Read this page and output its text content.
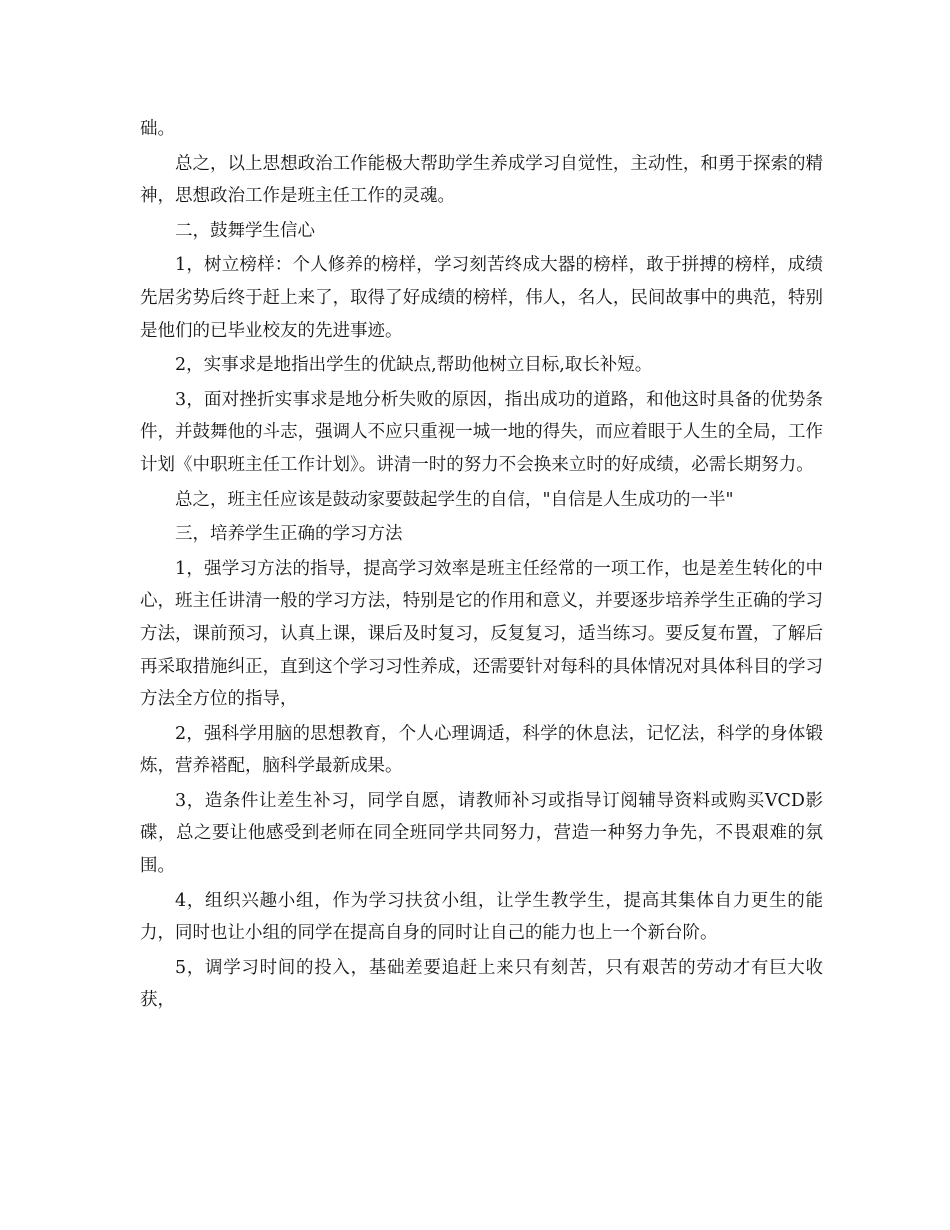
础。

总之，以上思想政治工作能极大帮助学生养成学习自觉性，主动性，和勇于探索的精神，思想政治工作是班主任工作的灵魂。

二，鼓舞学生信心

1，树立榜样：个人修养的榜样，学习刻苦终成大器的榜样，敢于拼搏的榜样，成绩先居劣势后终于赶上来了，取得了好成绩的榜样，伟人，名人，民间故事中的典范，特别是他们的已毕业校友的先进事迹。

2，实事求是地指出学生的优缺点,帮助他树立目标,取长补短。

3，面对挫折实事求是地分析失败的原因，指出成功的道路，和他这时具备的优势条件，并鼓舞他的斗志，强调人不应只重视一城一地的得失，而应着眼于人生的全局，工作计划《中职班主任工作计划》。讲清一时的努力不会换来立时的好成绩，必需长期努力。

总之，班主任应该是鼓动家要鼓起学生的自信，"自信是人生成功的一半"

三，培养学生正确的学习方法

1，强学习方法的指导，提高学习效率是班主任经常的一项工作，也是差生转化的中心，班主任讲清一般的学习方法，特别是它的作用和意义，并要逐步培养学生正确的学习方法，课前预习，认真上课，课后及时复习，反复复习，适当练习。要反复布置，了解后再采取措施纠正，直到这个学习习性养成，还需要针对每科的具体情况对具体科目的学习方法全方位的指导，

2，强科学用脑的思想教育，个人心理调适，科学的休息法，记忆法，科学的身体锻炼，营养褡配，脑科学最新成果。

3，造条件让差生补习，同学自愿，请教师补习或指导订阅辅导资料或购买VCD影碟，总之要让他感受到老师在同全班同学共同努力，营造一种努力争先，不畏艰难的氛围。

4，组织兴趣小组，作为学习扶贫小组，让学生教学生，提高其集体自力更生的能力，同时也让小组的同学在提高自身的同时让自己的能力也上一个新台阶。

5，调学习时间的投入，基础差要追赶上来只有刻苦，只有艰苦的劳动才有巨大收获，
